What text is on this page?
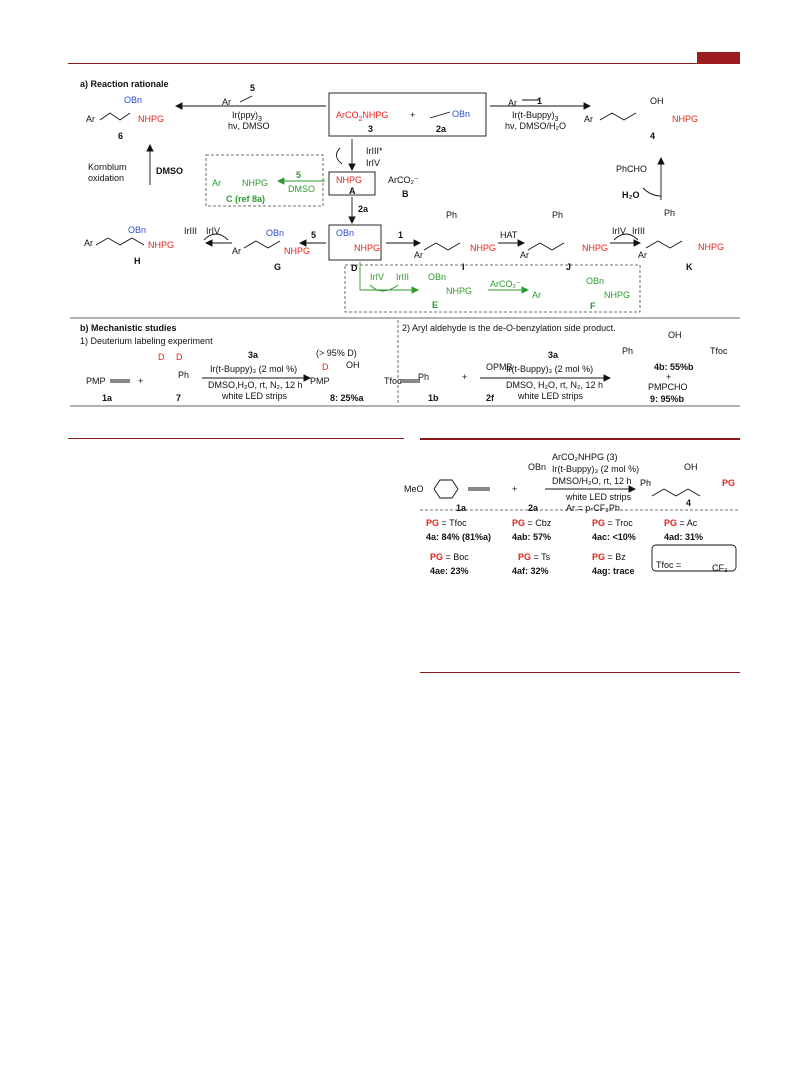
a) Reaction rationale
Ar
OBn
NHPG
6
Ar
5
$Ir(ppy)_3$
hν, DMSO
ArCO$_2$NHPG +	OBn
3	2a
Ar 1
$Ir(t-Buppy)_3$
hν, DMSO/H₂O
Ar
OH
NHPG
4
IrIII*
IrIV
Kornblum oxidation
DMSO
Ar NHPG
C (ref 8a)
5
DMSO
NHPG
A
ArCO₂⁻
B
PhCHO
H₂O
2a
Ar
OBn
NHPG
H
IrIII IrIV
Ar
OBn
NHPG
G
5 OBn
NHPG
D
1
Ph
Ar
NHPG
I
HAT
Ph
Ar
NHPG
J
IrIV IrIII
Ph
Ar
NHPG
K
IrIV IrIII OBn
NHPG
E
ArCO₂⁻
Ar
OBn
NHPG
F
b) Mechanistic studies
1) Deuterium labeling experiment
PMP
1a
+
D D
Ph
7
3a
Ir(t-Buppy)₃ (2 mol %)
DMSO,H₂O, rt, N₂, 12 h
white LED strips
(> 95% D)
D OH
PMP	Tfoc
8: 25%a
2) Aryl aldehyde is the de-O-benzylation side product.
Ph
1b
+
OPMB
2f
3a
Ir(t-Buppy)₃ (2 mol %)
DMSO, H₂O, rt, N₂, 12 h
white LED strips
OH
Ph	Tfoc
4b: 55%b
+
PMPCHO
9: 95%b
MeO
1a
+
OBn
2a
ArCO₂NHPG (3)
Ir(t-Buppy)₃ (2 mol %)
DMSO/H₂O, rt, 12 h
white LED strips
Ar = p-CF₃Ph
Ph
OH
PG
4
PG = Tfoc
4a: 84% (81%a)
PG = Cbz
4ab: 57%
PG = Troc
4ac: <10%
PG = Ac
4ad: 31%
PG = Boc
4ae: 23%
PG = Ts
4af: 32%
PG = Bz
4ag: trace
Tfoc =	CF₃
